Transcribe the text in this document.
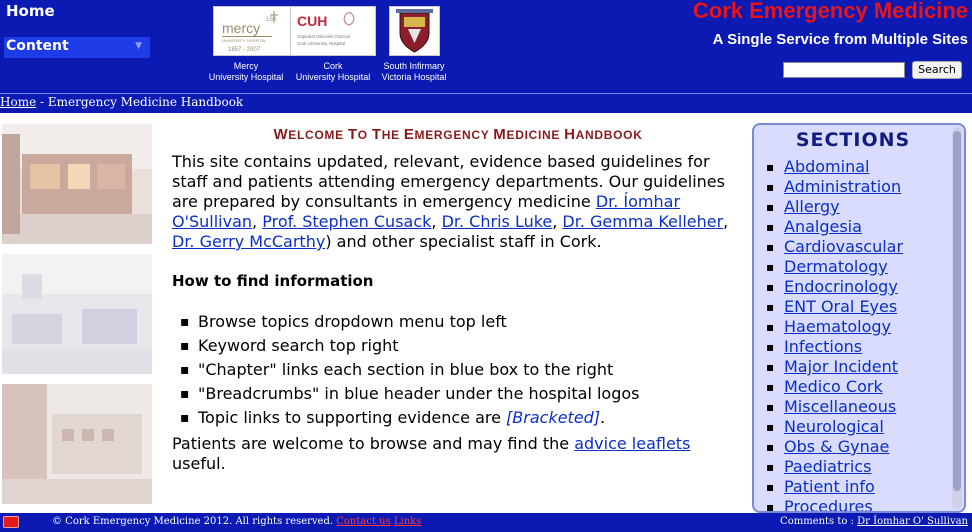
Home
Content	▼
mercy
UNIVERSITY HOSPITAL
1857 - 2007
150
Mercy
University Hospital
CUH
Ospidéal Ollscoile Chorcaí
Cork University Hospital
Cork
University Hospital
South Infirmary
Victoria Hospital
Cork Emergency Medicine
A Single Service from Multiple Sites
Search
Home - Emergency Medicine Handbook
WELCOME TO THE EMERGENCY MEDICINE HANDBOOK

This site contains updated, relevant, evidence based guidelines for staff and patients attending emergency departments. Our guidelines are prepared by consultants in emergency medicine Dr. Íomhar O'Sullivan, Prof. Stephen Cusack, Dr. Chris Luke, Dr. Gemma Kelleher, Dr. Gerry McCarthy) and other specialist staff in Cork.

How to find information
▪ Browse topics dropdown menu top left
▪ Keyword search top right
▪ "Chapter" links each section in blue box to the right
▪ "Breadcrumbs" in blue header under the hospital logos
▪ Topic links to supporting evidence are [Bracketed].

Patients are welcome to browse and may find the advice leaflets useful.

SECTIONS
▪ Abdominal
▪ Administration
▪ Allergy
▪ Analgesia
▪ Cardiovascular
▪ Dermatology
▪ Endocrinology
▪ ENT Oral Eyes
▪ Haematology
▪ Infections
▪ Major Incident
▪ Medico Cork
▪ Miscellaneous
▪ Neurological
▪ Obs & Gynae
▪ Paediatrics
▪ Patient info
▪ Procedures
© Cork Emergency Medicine 2012. All rights reserved. Contact us Links	Comments to : Dr Íomhar O' Sullivan
